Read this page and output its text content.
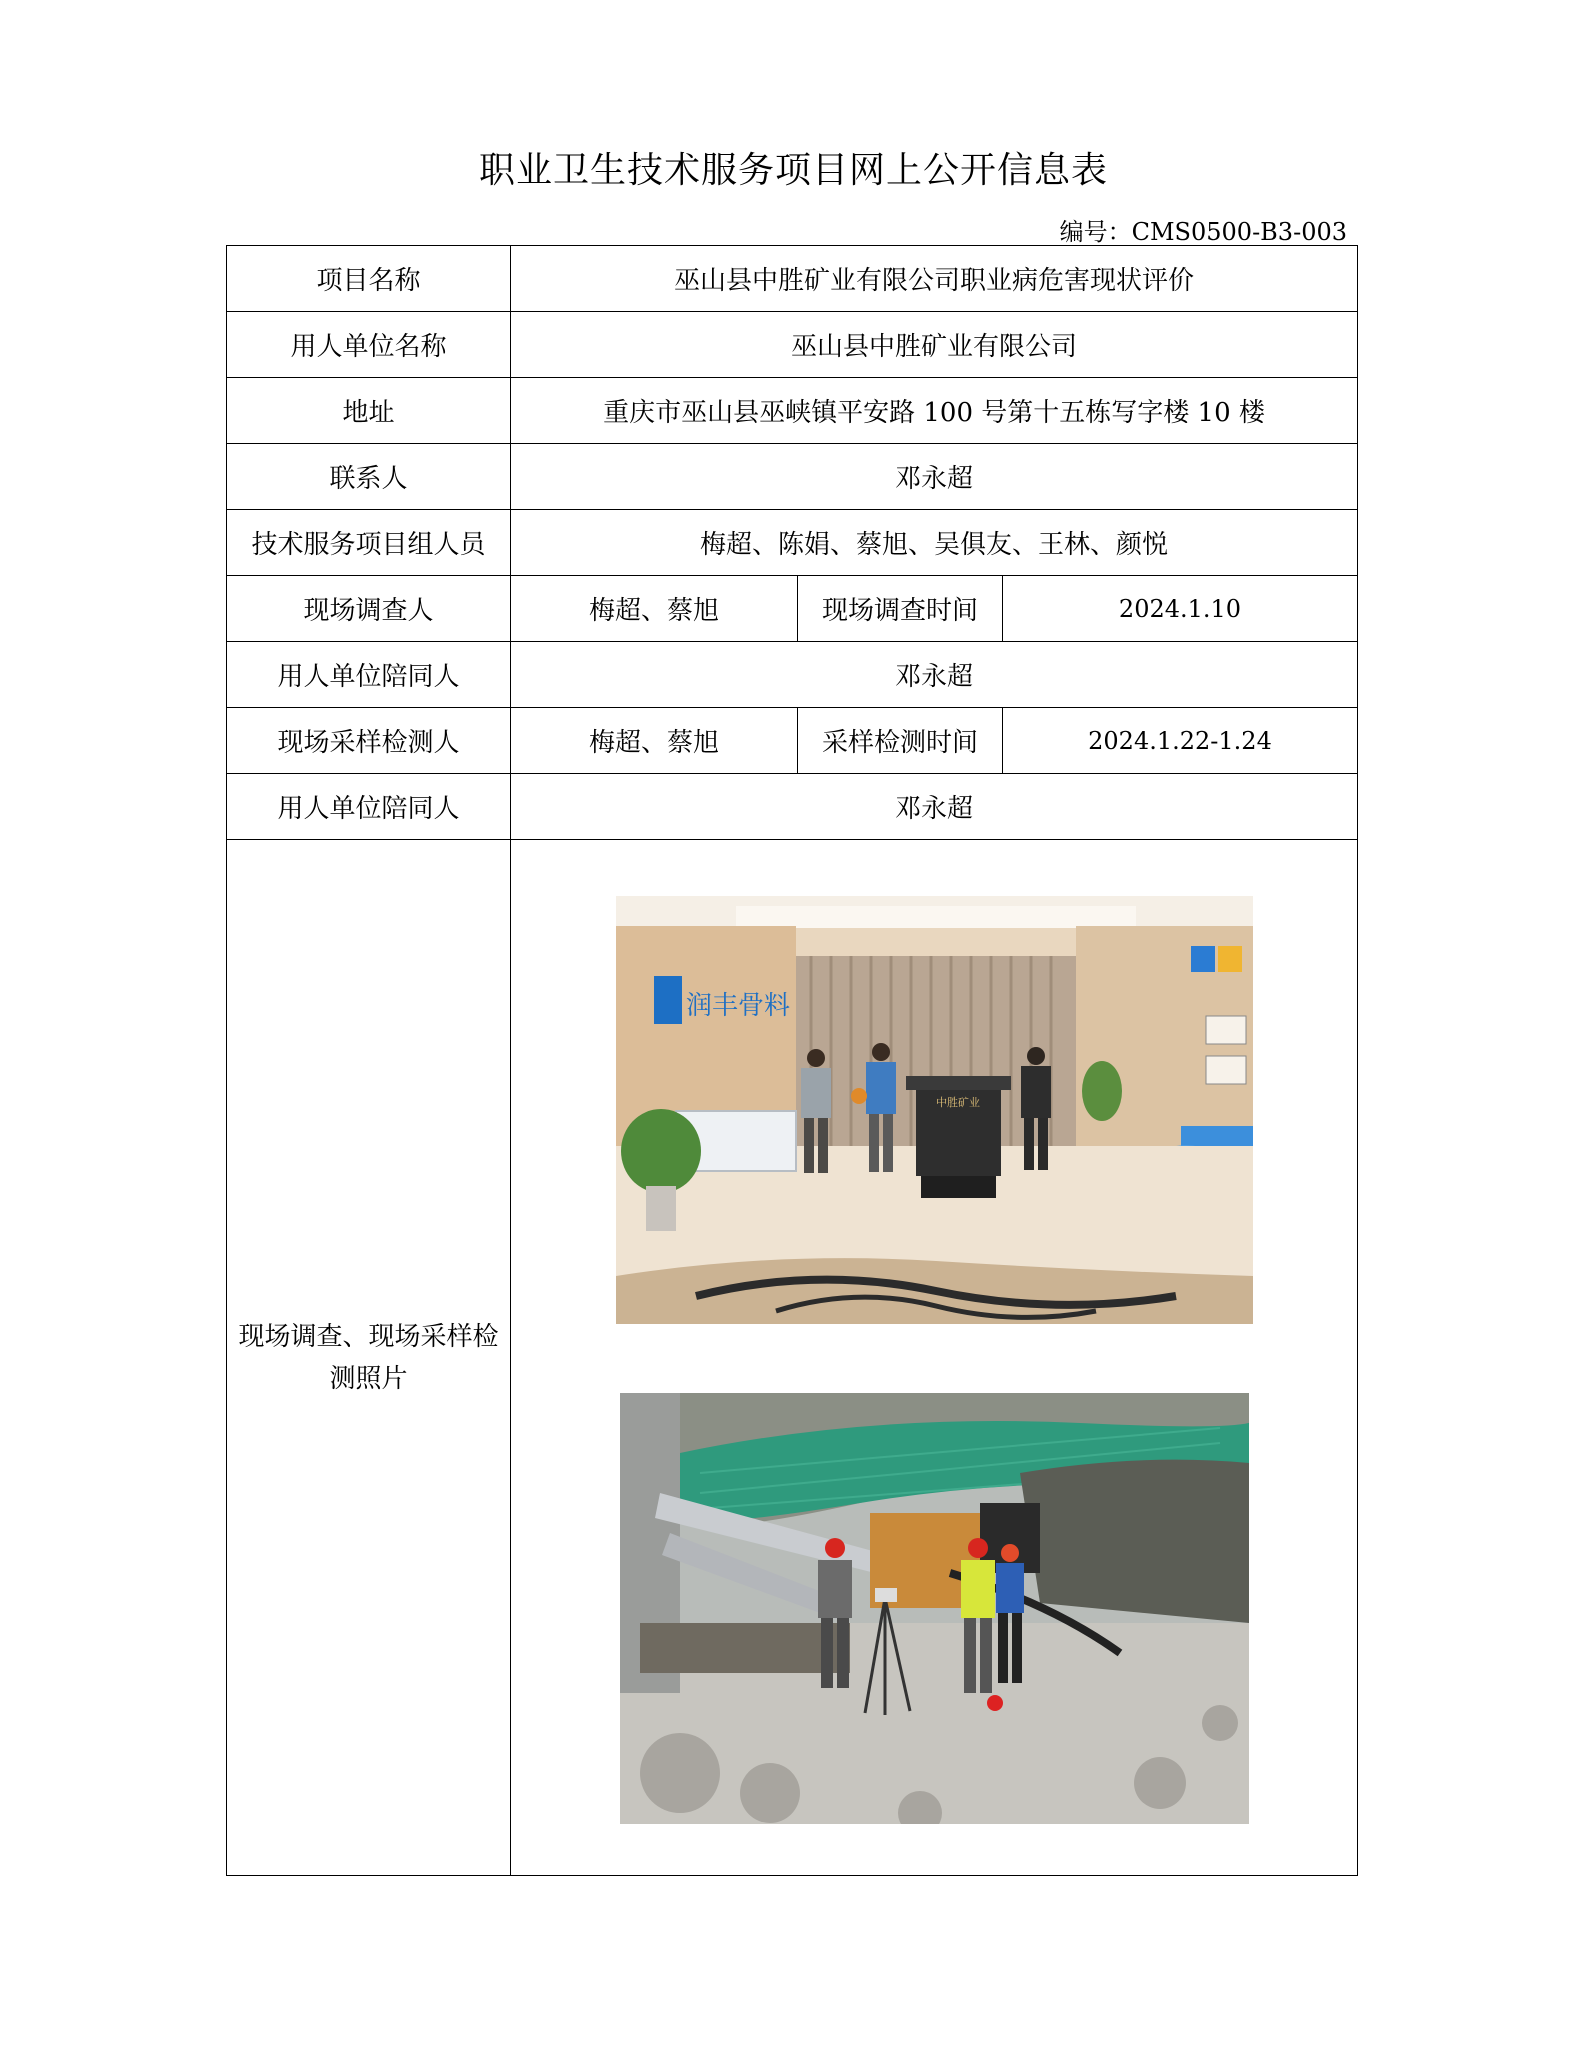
职业卫生技术服务项目网上公开信息表
编号：CMS0500-B3-003
项目名称	巫山县中胜矿业有限公司职业病危害现状评价		
用人单位名称	巫山县中胜矿业有限公司		
地址	重庆市巫山县巫峡镇平安路 100 号第十五栋写字楼 10 楼		
联系人	邓永超		
技术服务项目组人员	梅超、陈娟、蔡旭、吴俱友、王林、颜悦		
现场调查人	梅超、蔡旭	现场调查时间	2024.1.10
用人单位陪同人	邓永超		
现场采样检测人	梅超、蔡旭	采样检测时间	2024.1.22-1.24
用人单位陪同人	邓永超		
现场调查、现场采样检测照片	润丰骨料
中胜矿业		
